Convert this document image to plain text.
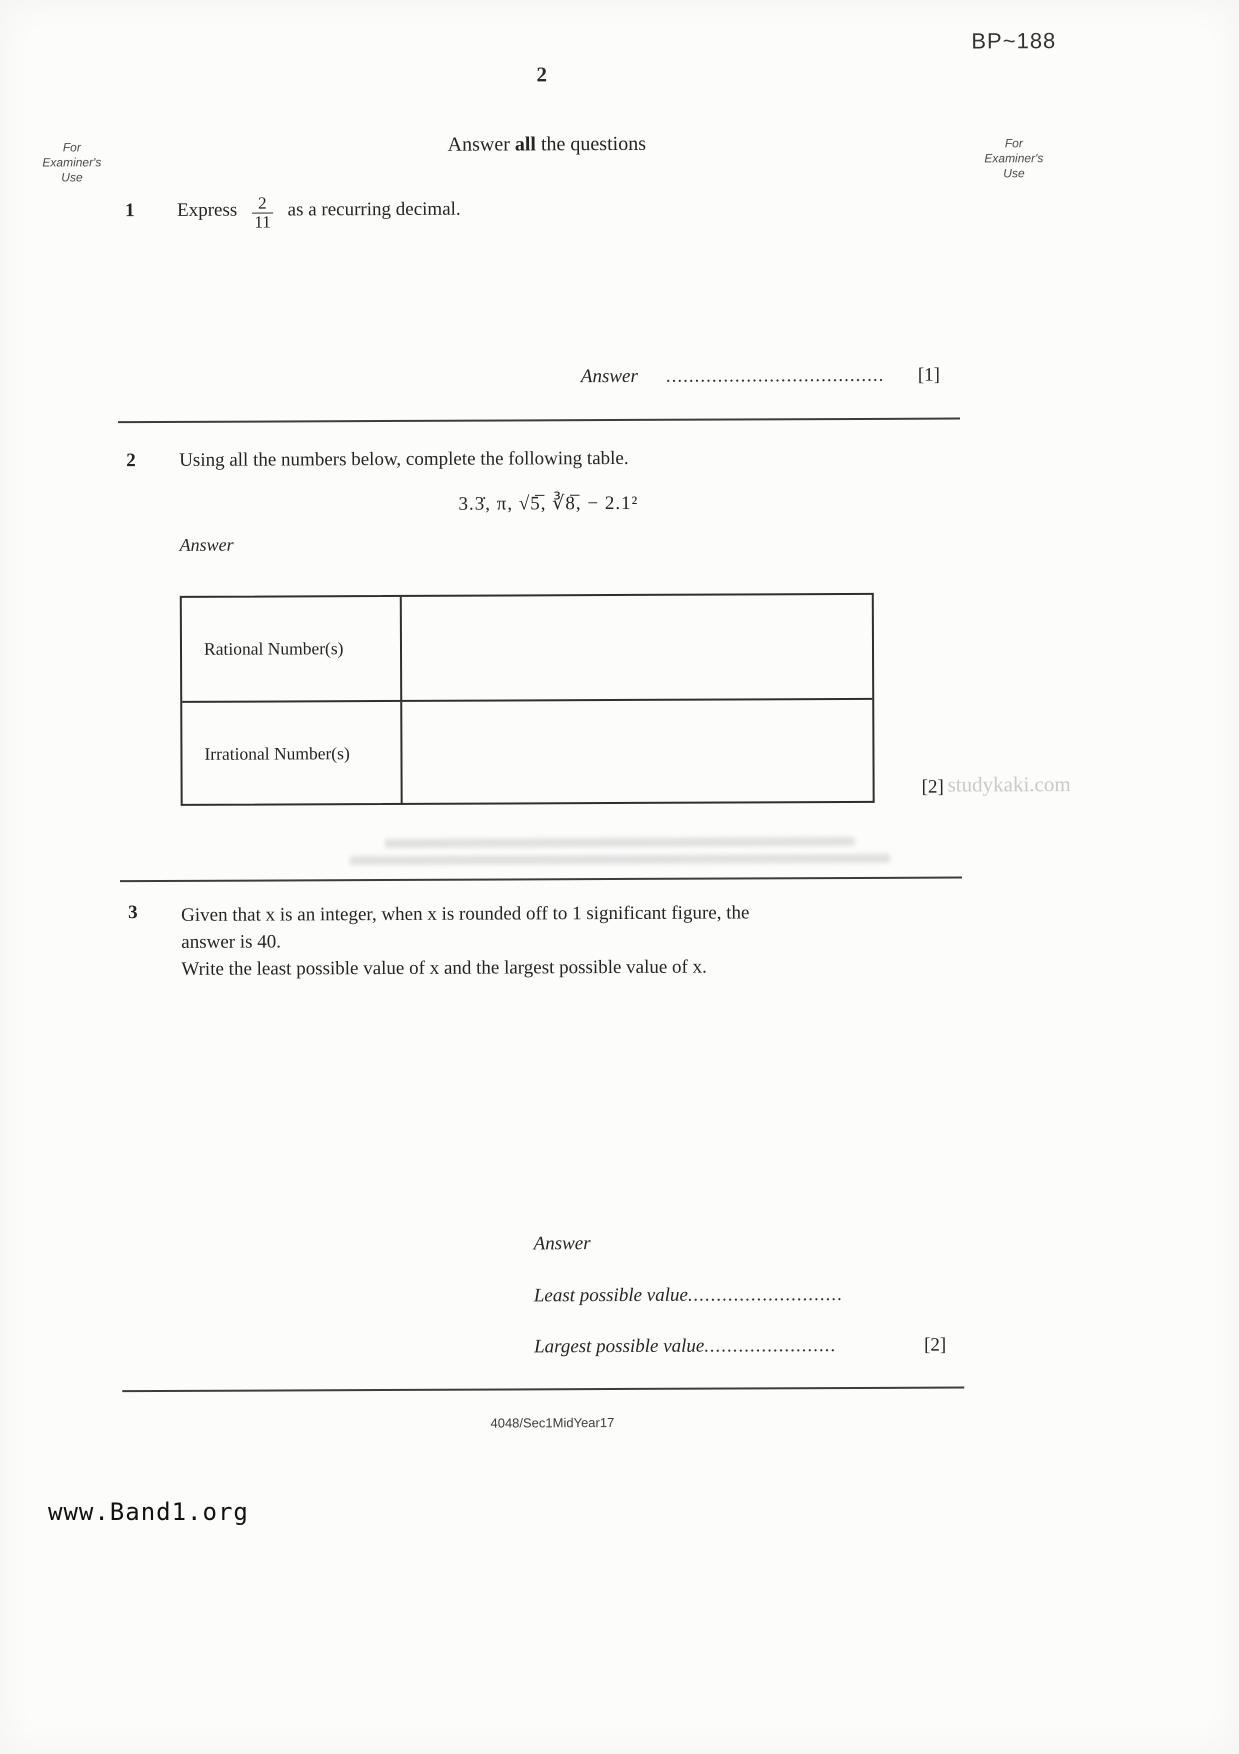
BP~188
2
For
Examiner's
Use
For
Examiner's
Use
Answer all the questions
1 Express $\frac{2}{11}$ as a recurring decimal.
Answer ...................................... [1]
2 Using all the numbers below, complete the following table.
3.3̇, π, √5̅, ∛8̅, − 2.1²
Answer
Rational Number(s)
Irrational Number(s)
[2] studykaki.com
3 Given that x is an integer, when x is rounded off to 1 significant figure, the
answer is 40.
Write the least possible value of x and the largest possible value of x.
Answer
Least possible value...........................
Largest possible value.......................	[2]
4048/Sec1MidYear17
www.Band1.org
